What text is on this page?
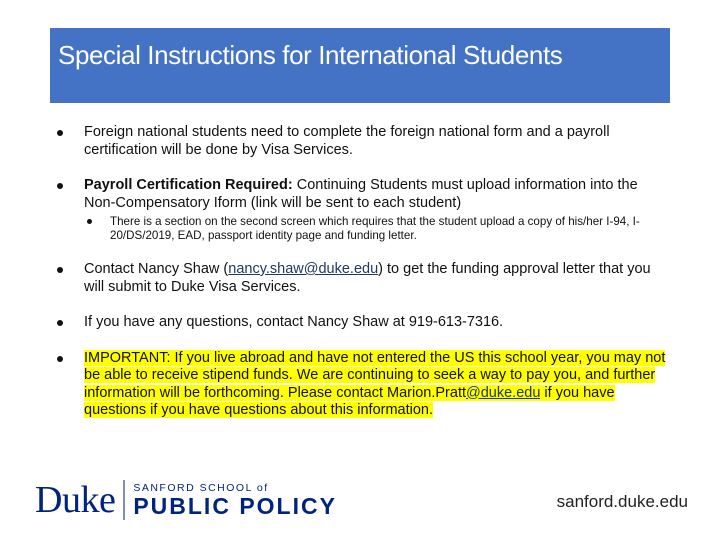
Special Instructions for International Students
Foreign national students need to complete the foreign national form and a payroll certification will be done by Visa Services.
Payroll Certification Required: Continuing Students must upload information into the Non-Compensatory Iform (link will be sent to each student)
There is a section on the second screen which requires that the student upload a copy of his/her I-94, I-20/DS/2019, EAD, passport identity page and funding letter.
Contact Nancy Shaw (nancy.shaw@duke.edu) to get the funding approval letter that you will submit to Duke Visa Services.
If you have any questions, contact Nancy Shaw at 919-613-7316.
IMPORTANT: If you live abroad and have not entered the US this school year, you may not be able to receive stipend funds. We are continuing to seek a way to pay you, and further information will be forthcoming. Please contact Marion.Pratt@duke.edu if you have questions if you have questions about this information.
Duke SANFORD SCHOOL of
PUBLIC POLICY	sanford.duke.edu
